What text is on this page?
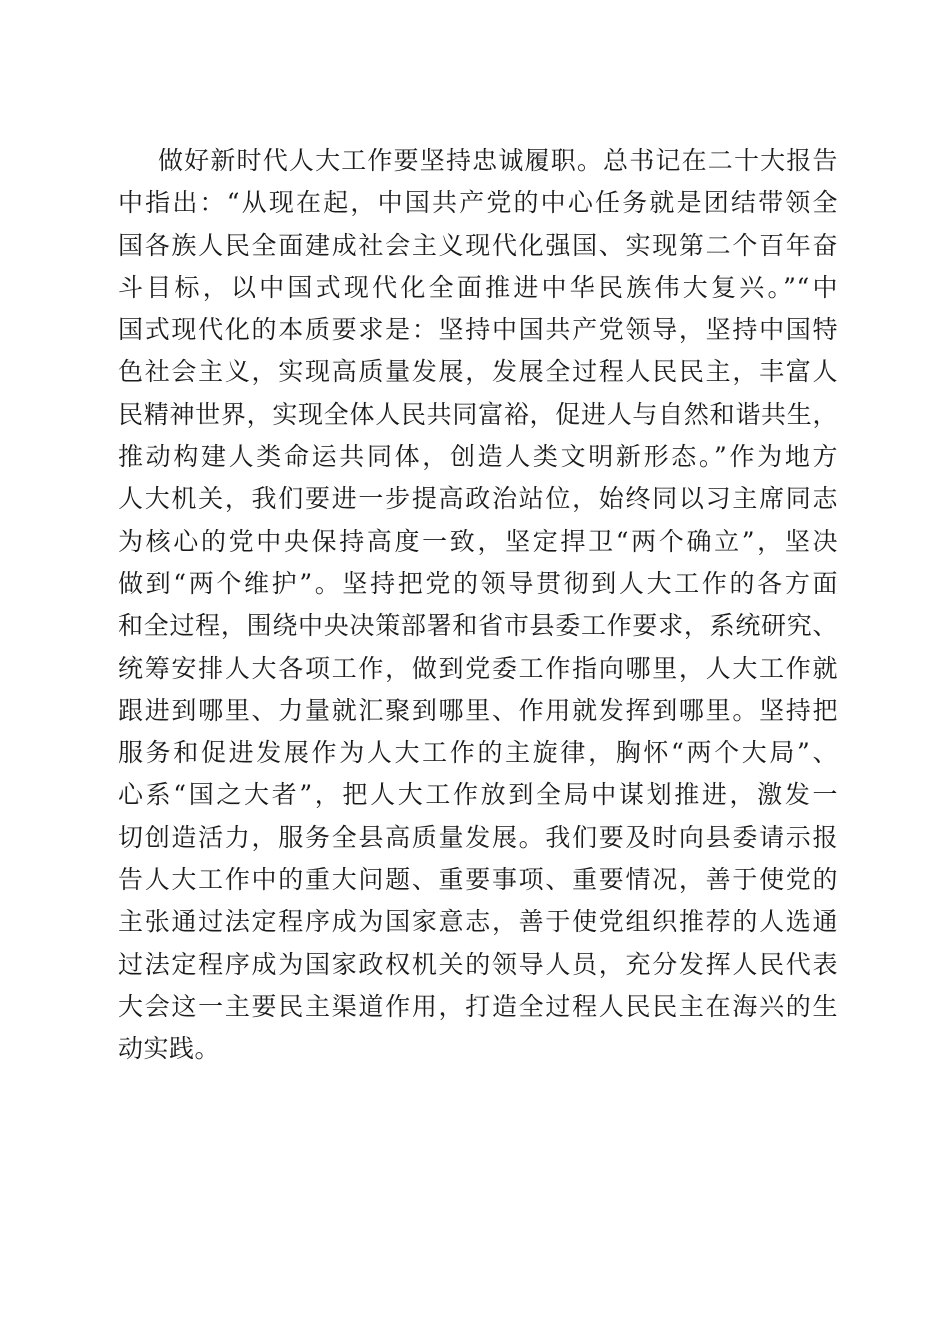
做好新时代人大工作要坚持忠诚履职。总书记在二十大报告
中指出：“从现在起，中国共产党的中心任务就是团结带领全
国各族人民全面建成社会主义现代化强国、实现第二个百年奋
斗目标，以中国式现代化全面推进中华民族伟大复兴。”“中
国式现代化的本质要求是：坚持中国共产党领导，坚持中国特
色社会主义，实现高质量发展，发展全过程人民民主，丰富人
民精神世界，实现全体人民共同富裕，促进人与自然和谐共生，
推动构建人类命运共同体，创造人类文明新形态。”作为地方
人大机关，我们要进一步提高政治站位，始终同以习主席同志
为核心的党中央保持高度一致，坚定捍卫“两个确立”，坚决
做到“两个维护”。坚持把党的领导贯彻到人大工作的各方面
和全过程，围绕中央决策部署和省市县委工作要求，系统研究、
统筹安排人大各项工作，做到党委工作指向哪里，人大工作就
跟进到哪里、力量就汇聚到哪里、作用就发挥到哪里。坚持把
服务和促进发展作为人大工作的主旋律，胸怀“两个大局”、
心系“国之大者”，把人大工作放到全局中谋划推进，激发一
切创造活力，服务全县高质量发展。我们要及时向县委请示报
告人大工作中的重大问题、重要事项、重要情况，善于使党的
主张通过法定程序成为国家意志，善于使党组织推荐的人选通
过法定程序成为国家政权机关的领导人员，充分发挥人民代表
大会这一主要民主渠道作用，打造全过程人民民主在海兴的生
动实践。
